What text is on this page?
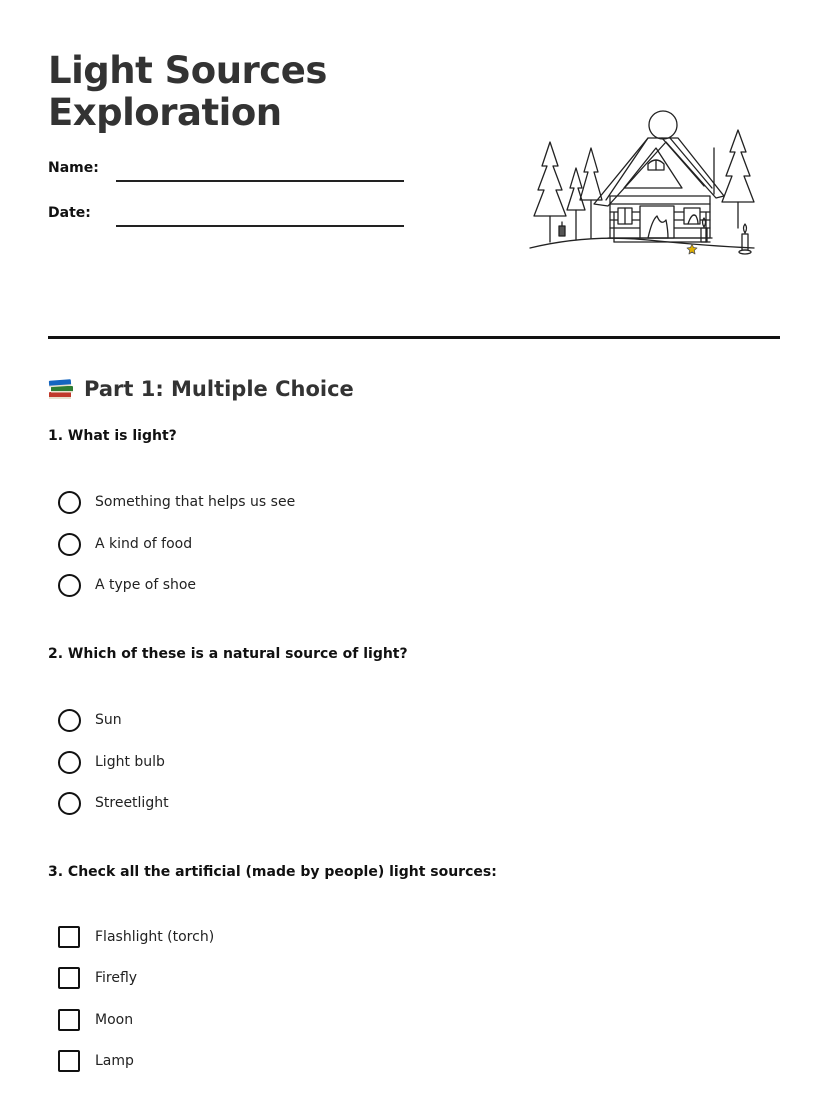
Light Sources
Exploration
Name:
Date:
Part 1: Multiple Choice
1. What is light?
Something that helps us see
A kind of food
A type of shoe
2. Which of these is a natural source of light?
Sun
Light bulb
Streetlight
3. Check all the artificial (made by people) light sources:
Flashlight (torch)
Firefly
Moon
Lamp
